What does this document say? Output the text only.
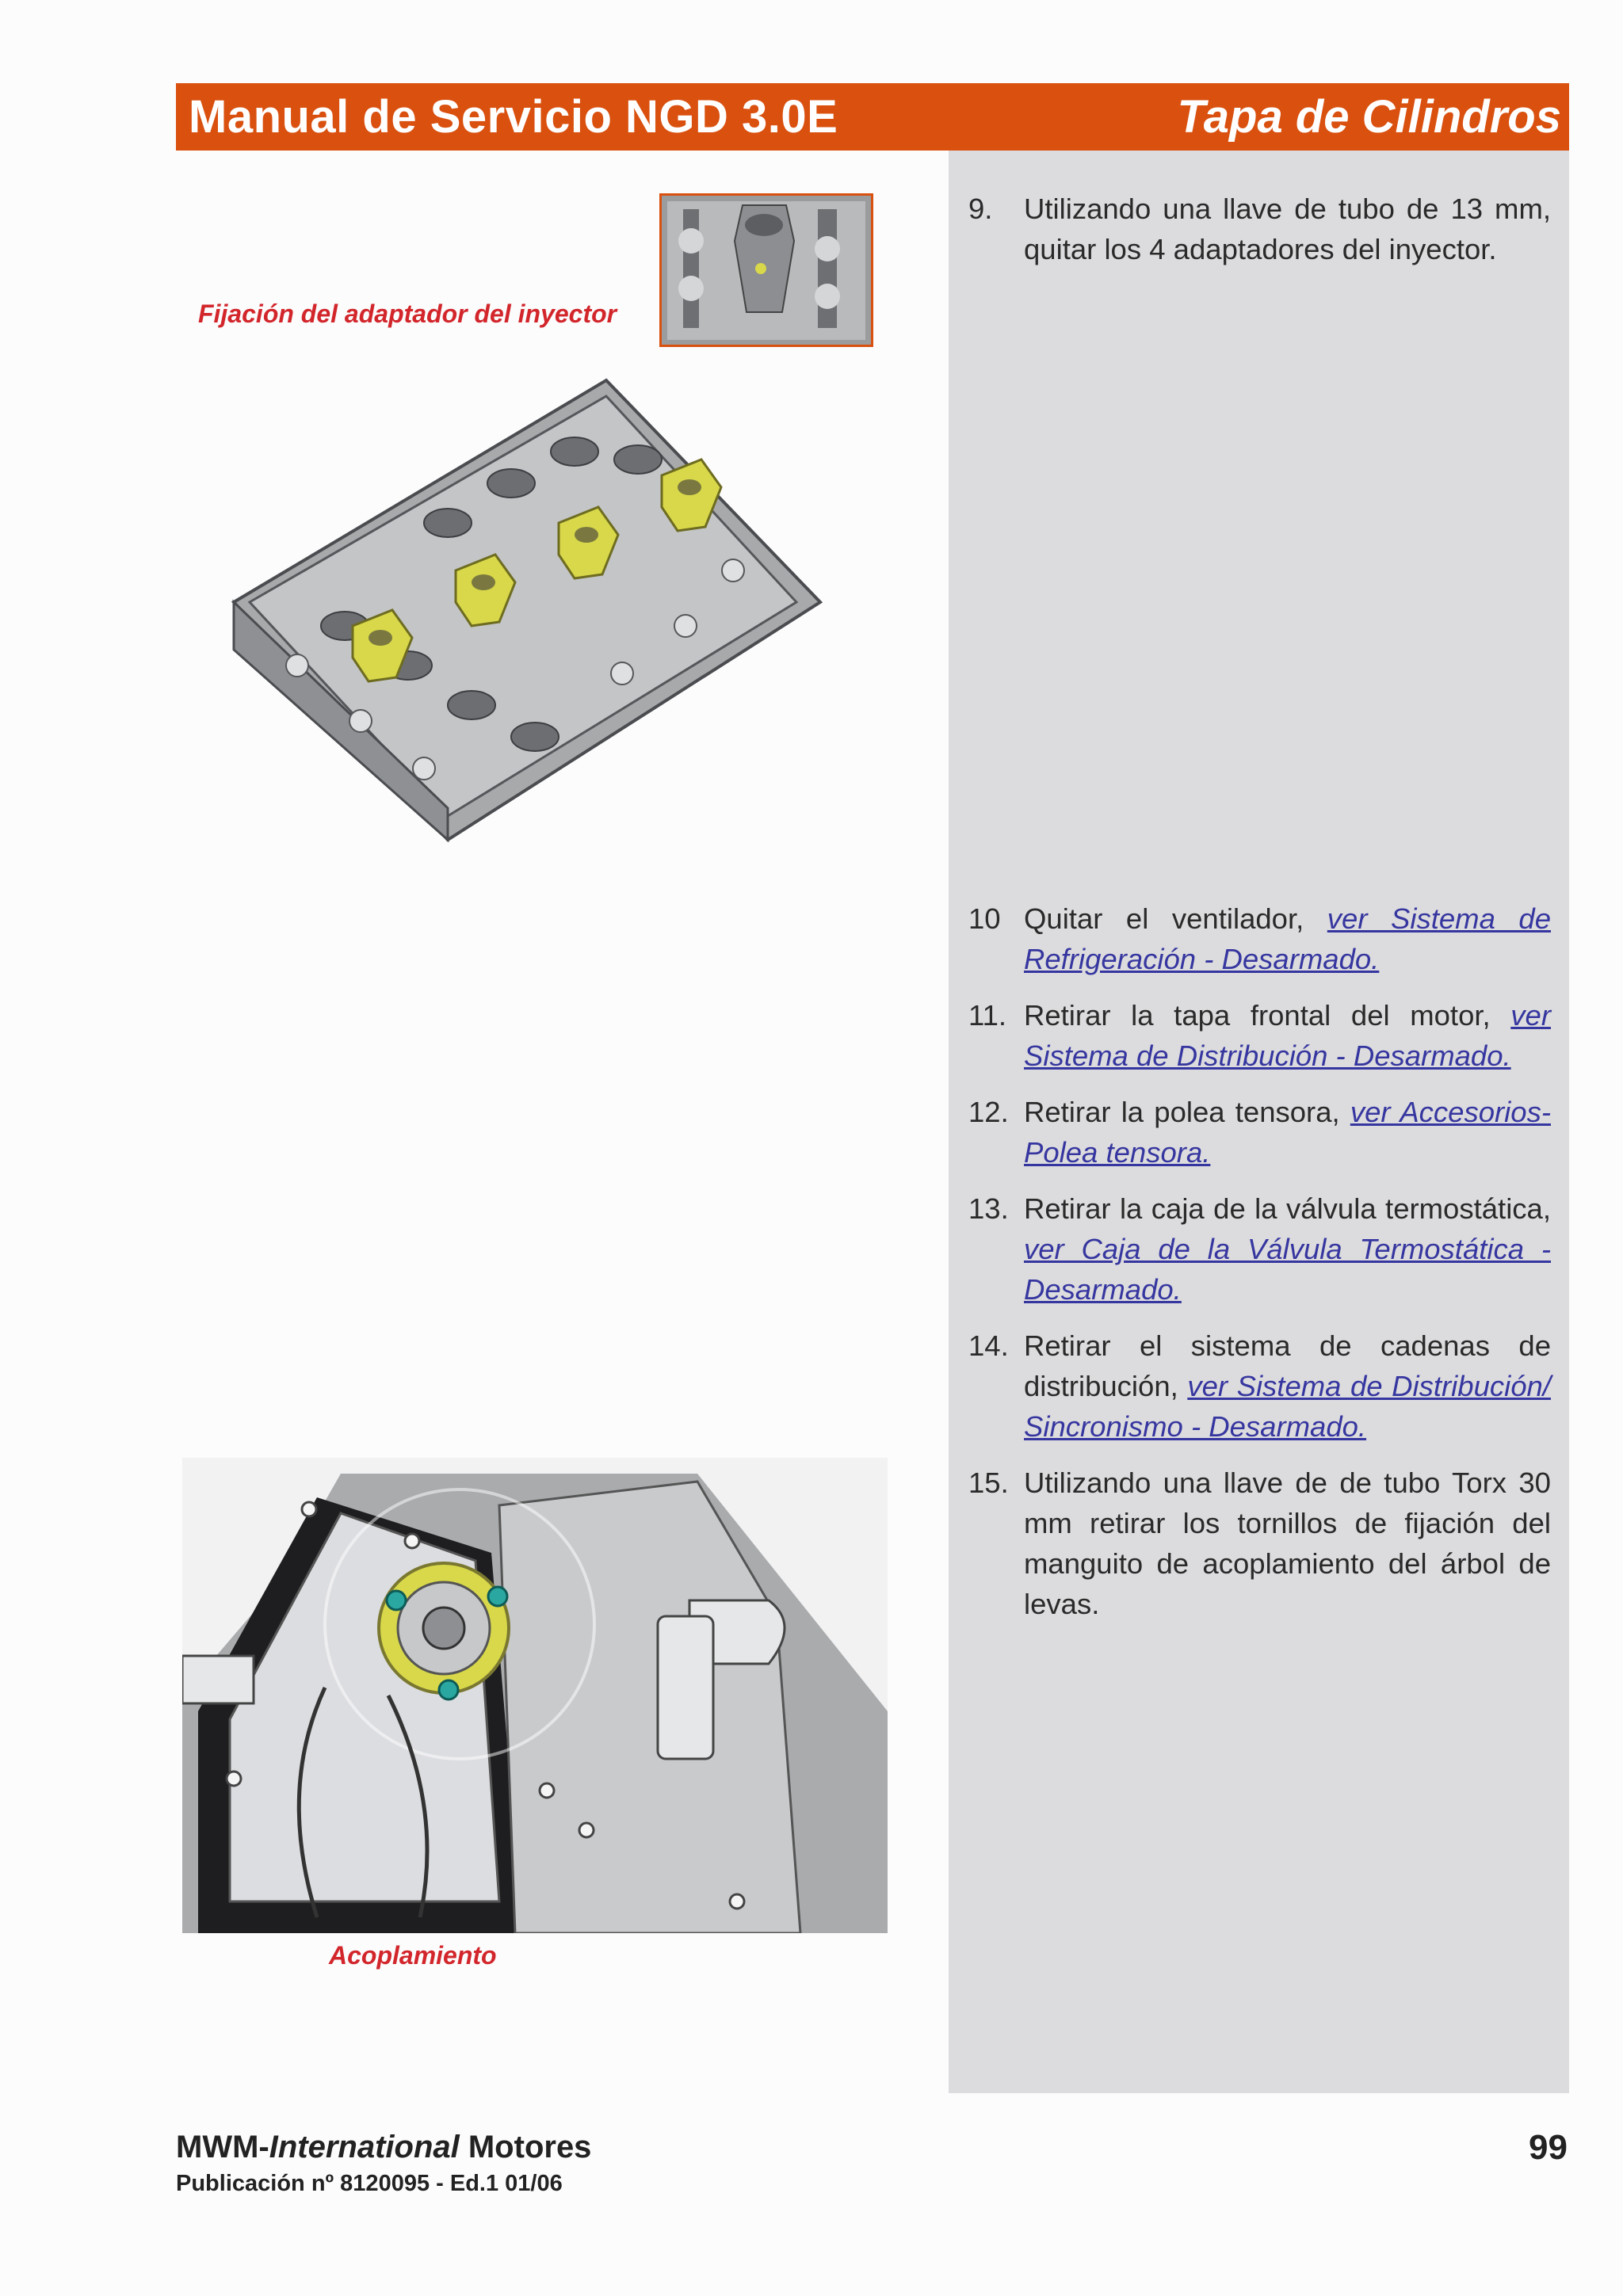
Manual de Servicio NGD 3.0E	Tapa de Cilindros
Fijación del adaptador del inyector
9.	Utilizando una llave de tubo de 13 mm, quitar los 4 adaptadores del inyector.
10 Quitar el ventilador, ver Sistema de Refrigeración - Desarmado.
11. Retirar la tapa frontal del motor, ver Sistema de Distribución - Desarmado.
12. Retirar la polea tensora, ver Accesorios-Polea tensora.
13. Retirar la caja de la válvula termostática, ver Caja de la Válvula Termostática - Desarmado.
14. Retirar el sistema de cadenas de distribución, ver Sistema de Distribución/ Sincronismo - Desarmado.
15. Utilizando una llave de de tubo Torx 30 mm retirar los tornillos de fijación del manguito de acoplamiento del árbol de levas.
Acoplamiento
MWM-International Motores
Publicación nº 8120095 - Ed.1 01/06
99
